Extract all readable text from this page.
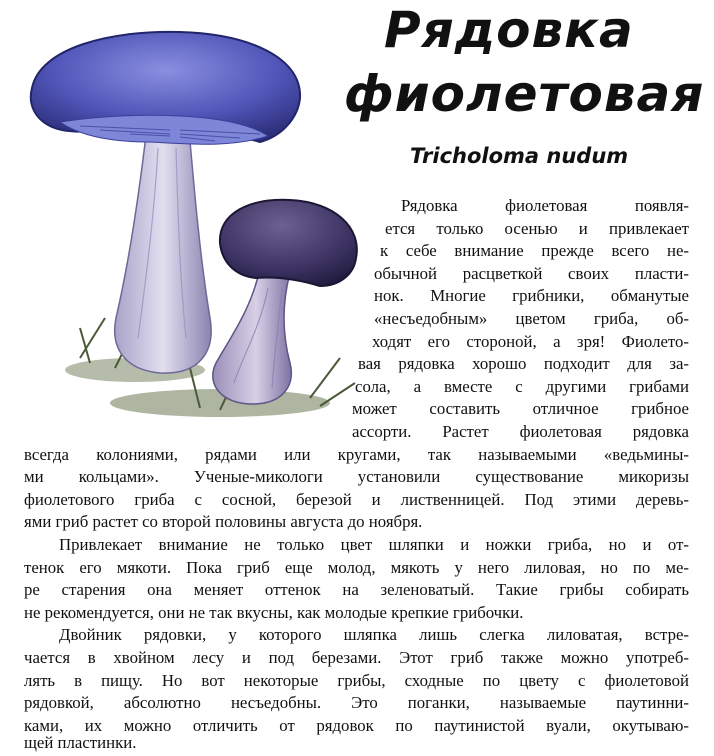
Рядовка
фиолетовая

Tricholoma nudum

Рядовка фиолетовая появля-

ется только осенью и привлекает

к себе внимание прежде всего не-

обычной расцветкой своих пласти-

нок. Многие грибники, обманутые

«несъедобным» цветом гриба, об-

ходят его стороной, а зря! Фиолето-

вая рядовка хорошо подходит для за-

сола, а вместе с другими грибами

может составить отличное грибное

ассорти. Растет фиолетовая рядовка

всегда колониями, рядами или кругами, так называемыми «ведьмины-

ми кольцами». Ученые-микологи установили существование микоризы

фиолетового гриба с сосной, березой и лиственницей. Под этими деревь-

ями гриб растет со второй половины августа до ноября.

Привлекает внимание не только цвет шляпки и ножки гриба, но и от-

тенок его мякоти. Пока гриб еще молод, мякоть у него лиловая, но по ме-

ре старения она меняет оттенок на зеленоватый. Такие грибы собирать

не рекомендуется, они не так вкусны, как молодые крепкие грибочки.

Двойник рядовки, у которого шляпка лишь слегка лиловатая, встре-

чается в хвойном лесу и под березами. Этот гриб также можно употреб-

лять в пищу. Но вот некоторые грибы, сходные по цвету с фиолетовой

рядовкой, абсолютно несъедобны. Это поганки, называемые паутинни-

ками, их можно отличить от рядовок по паутинистой вуали, окутываю-

щей пластинки.
